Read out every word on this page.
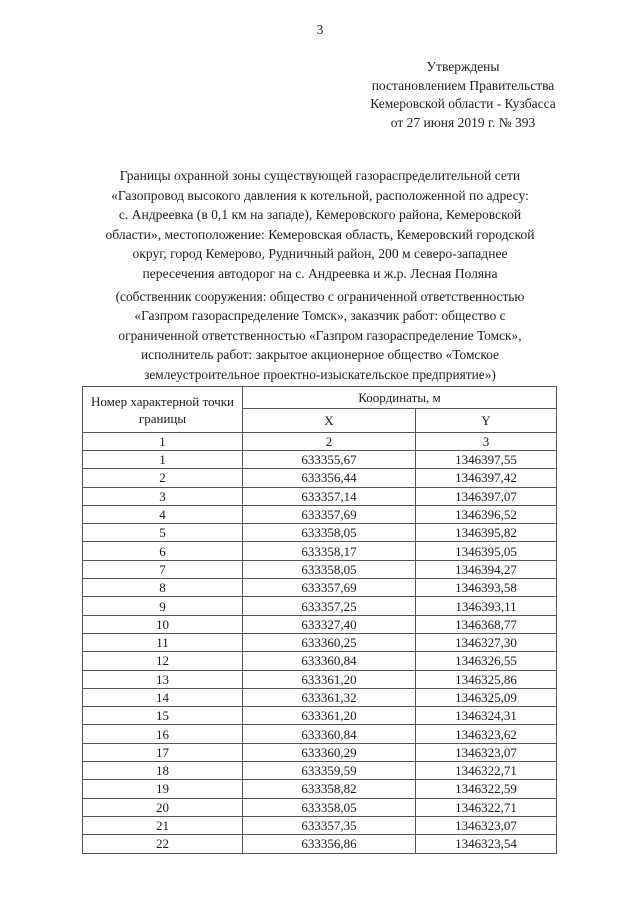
3
Утверждены
постановлением Правительства
Кемеровской области - Кузбасса
от 27 июня 2019 г. № 393
Границы охранной зоны существующей газораспределительной сети
«Газопровод высокого давления к котельной, расположенной по адресу:
с. Андреевка (в 0,1 км на западе), Кемеровского района, Кемеровской
области», местоположение: Кемеровская область, Кемеровский городской
округ, город Кемерово, Рудничный район, 200 м северо-западнее
пересечения автодорог на с. Андреевка и ж.р. Лесная Поляна
(собственник сооружения: общество с ограниченной ответственностью
«Газпром газораспределение Томск», заказчик работ: общество с
ограниченной ответственностью «Газпром газораспределение Томск»,
исполнитель работ: закрытое акционерное общество «Томское
землеустроительное проектно-изыскательское предприятие»)
Номер характерной точки границы	Координаты, м	
	X	Y
1	2	3
1	633355,67	1346397,55
2	633356,44	1346397,42
3	633357,14	1346397,07
4	633357,69	1346396,52
5	633358,05	1346395,82
6	633358,17	1346395,05
7	633358,05	1346394,27
8	633357,69	1346393,58
9	633357,25	1346393,11
10	633327,40	1346368,77
11	633360,25	1346327,30
12	633360,84	1346326,55
13	633361,20	1346325,86
14	633361,32	1346325,09
15	633361,20	1346324,31
16	633360,84	1346323,62
17	633360,29	1346323,07
18	633359,59	1346322,71
19	633358,82	1346322,59
20	633358,05	1346322,71
21	633357,35	1346323,07
22	633356,86	1346323,54
